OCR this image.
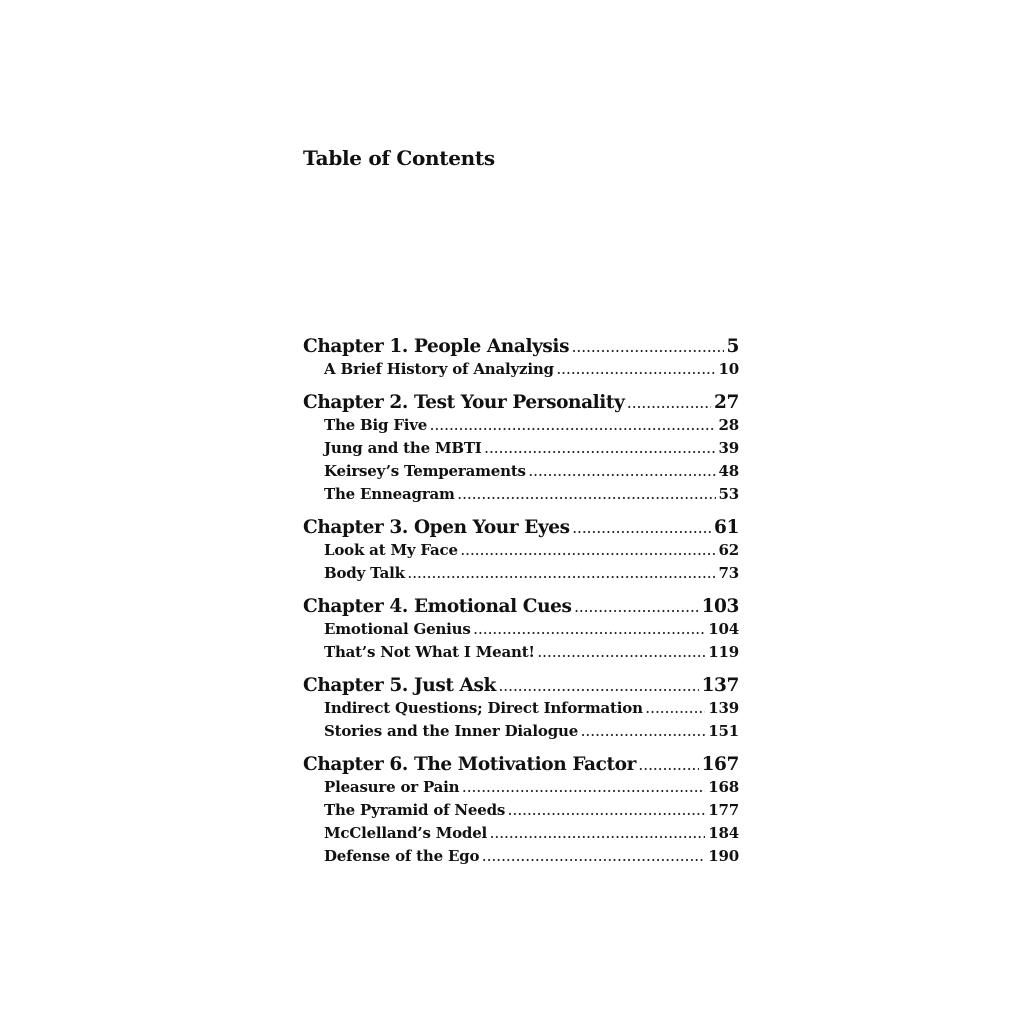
Table of Contents
Chapter 1. People Analysis .....	5
A Brief History of Analyzing .....	10
Chapter 2. Test Your Personality .....	27
The Big Five .....	28
Jung and the MBTI .....	39
Keirsey’s Temperaments .....	48
The Enneagram .....	53
Chapter 3. Open Your Eyes .....	61
Look at My Face .....	62
Body Talk .....	73
Chapter 4. Emotional Cues .....	103
Emotional Genius .....	104
That’s Not What I Meant! .....	119
Chapter 5. Just Ask .....	137
Indirect Questions; Direct Information .....	139
Stories and the Inner Dialogue .....	151
Chapter 6. The Motivation Factor .....	167
Pleasure or Pain .....	168
The Pyramid of Needs .....	177
McClelland’s Model .....	184
Defense of the Ego .....	190
